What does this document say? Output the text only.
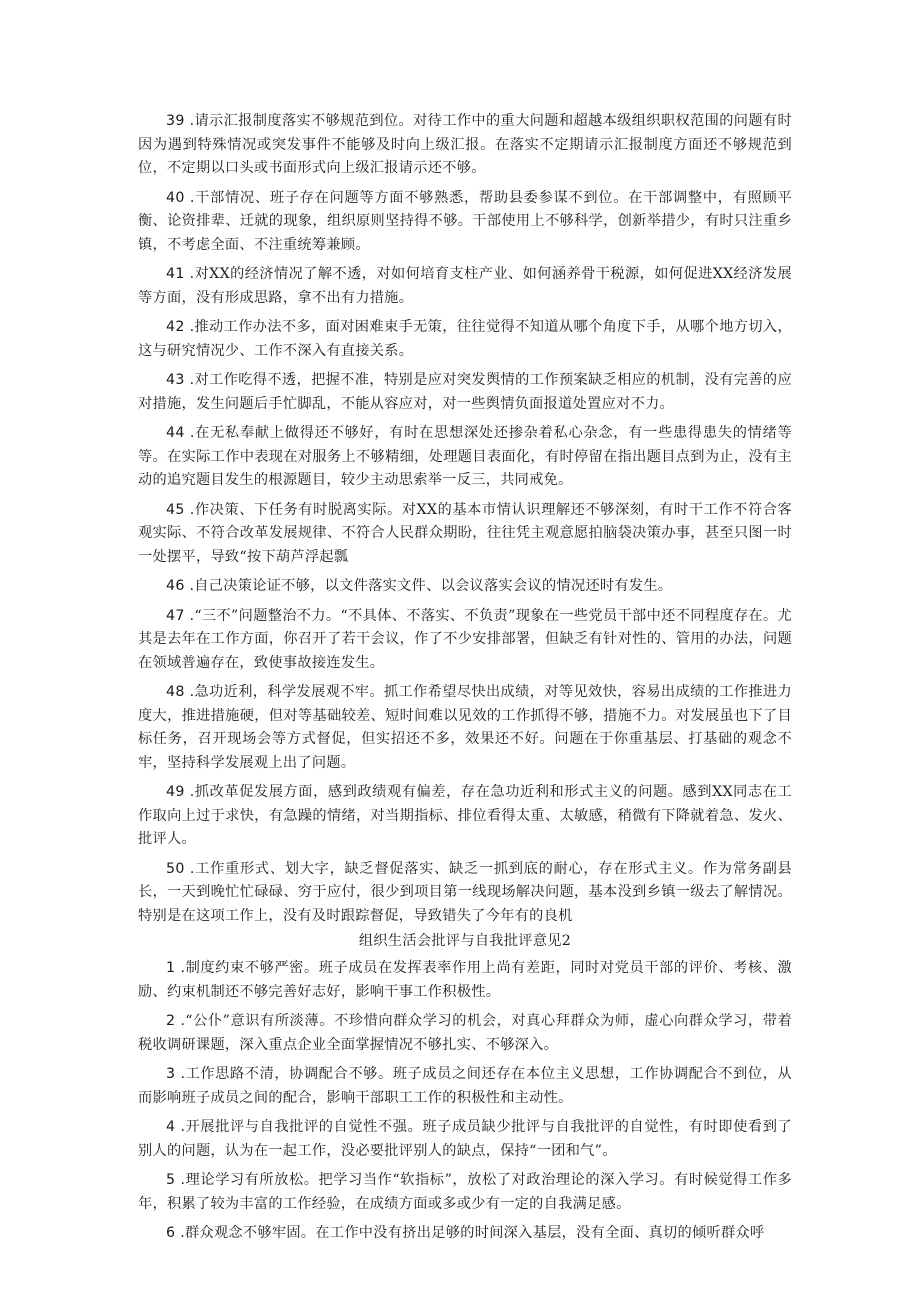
39 .请示汇报制度落实不够规范到位。对待工作中的重大问题和超越本级组织职权范围的问题有时因为遇到特殊情况或突发事件不能够及时向上级汇报。在落实不定期请示汇报制度方面还不够规范到位，不定期以口头或书面形式向上级汇报请示还不够。

40 .干部情况、班子存在问题等方面不够熟悉，帮助县委参谋不到位。在干部调整中，有照顾平衡、论资排辈、迁就的现象，组织原则坚持得不够。干部使用上不够科学，创新举措少，有时只注重乡镇，不考虑全面、不注重统筹兼顾。

41 .对XX的经济情况了解不透，对如何培育支柱产业、如何涵养骨干税源，如何促进XX经济发展等方面，没有形成思路，拿不出有力措施。

42 .推动工作办法不多，面对困难束手无策，往往觉得不知道从哪个角度下手，从哪个地方切入，这与研究情况少、工作不深入有直接关系。

43 .对工作吃得不透，把握不准，特别是应对突发舆情的工作预案缺乏相应的机制，没有完善的应对措施，发生问题后手忙脚乱，不能从容应对，对一些舆情负面报道处置应对不力。

44 .在无私奉献上做得还不够好，有时在思想深处还掺杂着私心杂念，有一些患得患失的情绪等等。在实际工作中表现在对服务上不够精细，处理题目表面化，有时停留在指出题目点到为止，没有主动的追究题目发生的根源题目，较少主动思索举一反三，共同戒免。

45 .作决策、下任务有时脱离实际。对XX的基本市情认识理解还不够深刻，有时干工作不符合客观实际、不符合改革发展规律、不符合人民群众期盼，往往凭主观意愿拍脑袋决策办事，甚至只图一时一处摆平，导致“按下葫芦浮起瓢

46 .自己决策论证不够，以文件落实文件、以会议落实会议的情况还时有发生。

47 .“三不”问题整治不力。“不具体、不落实、不负责”现象在一些党员干部中还不同程度存在。尤其是去年在工作方面，你召开了若干会议，作了不少安排部署，但缺乏有针对性的、管用的办法，问题在领域普遍存在，致使事故接连发生。

48 .急功近利，科学发展观不牢。抓工作希望尽快出成绩，对等见效快，容易出成绩的工作推进力度大，推进措施硬，但对等基础较差、短时间难以见效的工作抓得不够，措施不力。对发展虽也下了目标任务，召开现场会等方式督促，但实招还不多，效果还不好。问题在于你重基层、打基础的观念不牢，坚持科学发展观上出了问题。

49 .抓改革促发展方面，感到政绩观有偏差，存在急功近利和形式主义的问题。感到XX同志在工作取向上过于求快，有急躁的情绪，对当期指标、排位看得太重、太敏感，稍微有下降就着急、发火、批评人。

50 .工作重形式、划大字，缺乏督促落实、缺乏一抓到底的耐心，存在形式主义。作为常务副县长，一天到晚忙忙碌碌、穷于应付，很少到项目第一线现场解决问题，基本没到乡镇一级去了解情况。特别是在这项工作上，没有及时跟踪督促，导致错失了今年有的良机

组织生活会批评与自我批评意见2

1 .制度约束不够严密。班子成员在发挥表率作用上尚有差距，同时对党员干部的评价、考核、激励、约束机制还不够完善好志好，影响干事工作积极性。

2 .“公仆”意识有所淡薄。不珍惜向群众学习的机会，对真心拜群众为师，虚心向群众学习，带着税收调研课题，深入重点企业全面掌握情况不够扎实、不够深入。

3 .工作思路不清，协调配合不够。班子成员之间还存在本位主义思想，工作协调配合不到位，从而影响班子成员之间的配合，影响干部职工工作的积极性和主动性。

4 .开展批评与自我批评的自觉性不强。班子成员缺少批评与自我批评的自觉性，有时即使看到了别人的问题，认为在一起工作，没必要批评别人的缺点，保持“一团和气”。

5 .理论学习有所放松。把学习当作“软指标”，放松了对政治理论的深入学习。有时候觉得工作多年，积累了较为丰富的工作经验，在成绩方面或多或少有一定的自我满足感。

6 .群众观念不够牢固。在工作中没有挤出足够的时间深入基层，没有全面、真切的倾听群众呼
